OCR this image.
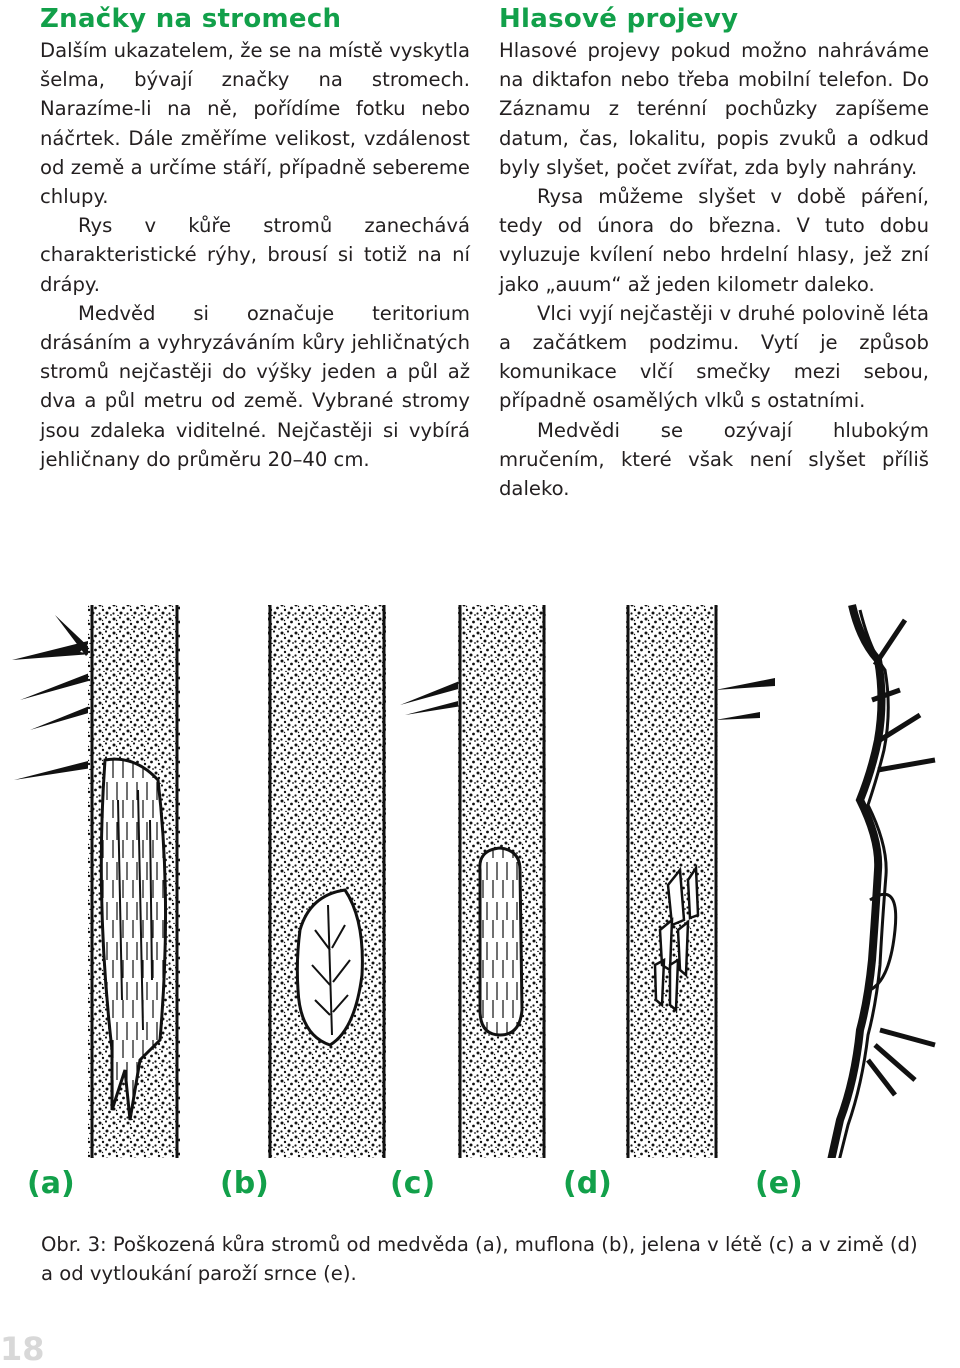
Značky na stromech

Dalším ukazatelem, že se na místě vyskytla šelma, bývají značky na stromech. Narazíme-li na ně, pořídíme fotku nebo náčrtek. Dále změříme velikost, vzdálenost od země a určíme stáří, případně sebereme chlupy.

Rys v kůře stromů zanechává charakteristické rýhy, brousí si totiž na ní drápy.

Medvěd si označuje teritorium drásáním a vyhryzáváním kůry jehličnatých stromů nejčastěji do výšky jeden a půl až dva a půl metru od země. Vybrané stromy jsou zdaleka viditelné. Nejčastěji si vybírá jehličnany do průměru 20–40 cm.

Hlasové projevy

Hlasové projevy pokud možno nahráváme na diktafon nebo třeba mobilní telefon. Do Záznamu z terénní pochůzky zapíšeme datum, čas, lokalitu, popis zvuků a odkud byly slyšet, počet zvířat, zda byly nahrány.

Rysa můžeme slyšet v době páření, tedy od února do března. V tuto dobu vyluzuje kvílení nebo hrdelní hlasy, jež zní jako „auum“ až jeden kilometr daleko.

Vlci vyjí nejčastěji v druhé polovině léta a začátkem podzimu. Vytí je způsob komunikace vlčí smečky mezi sebou, případně osamělých vlků s ostatními.

Medvědi se ozývají hlubokým mručením, které však není slyšet příliš daleko.

(a)	(b)	(c)	(d)	(e)

Obr. 3: Poškozená kůra stromů od medvěda (a), muflona (b), jelena v létě (c) a v zimě (d) a od vytloukání paroží srnce (e).

18
